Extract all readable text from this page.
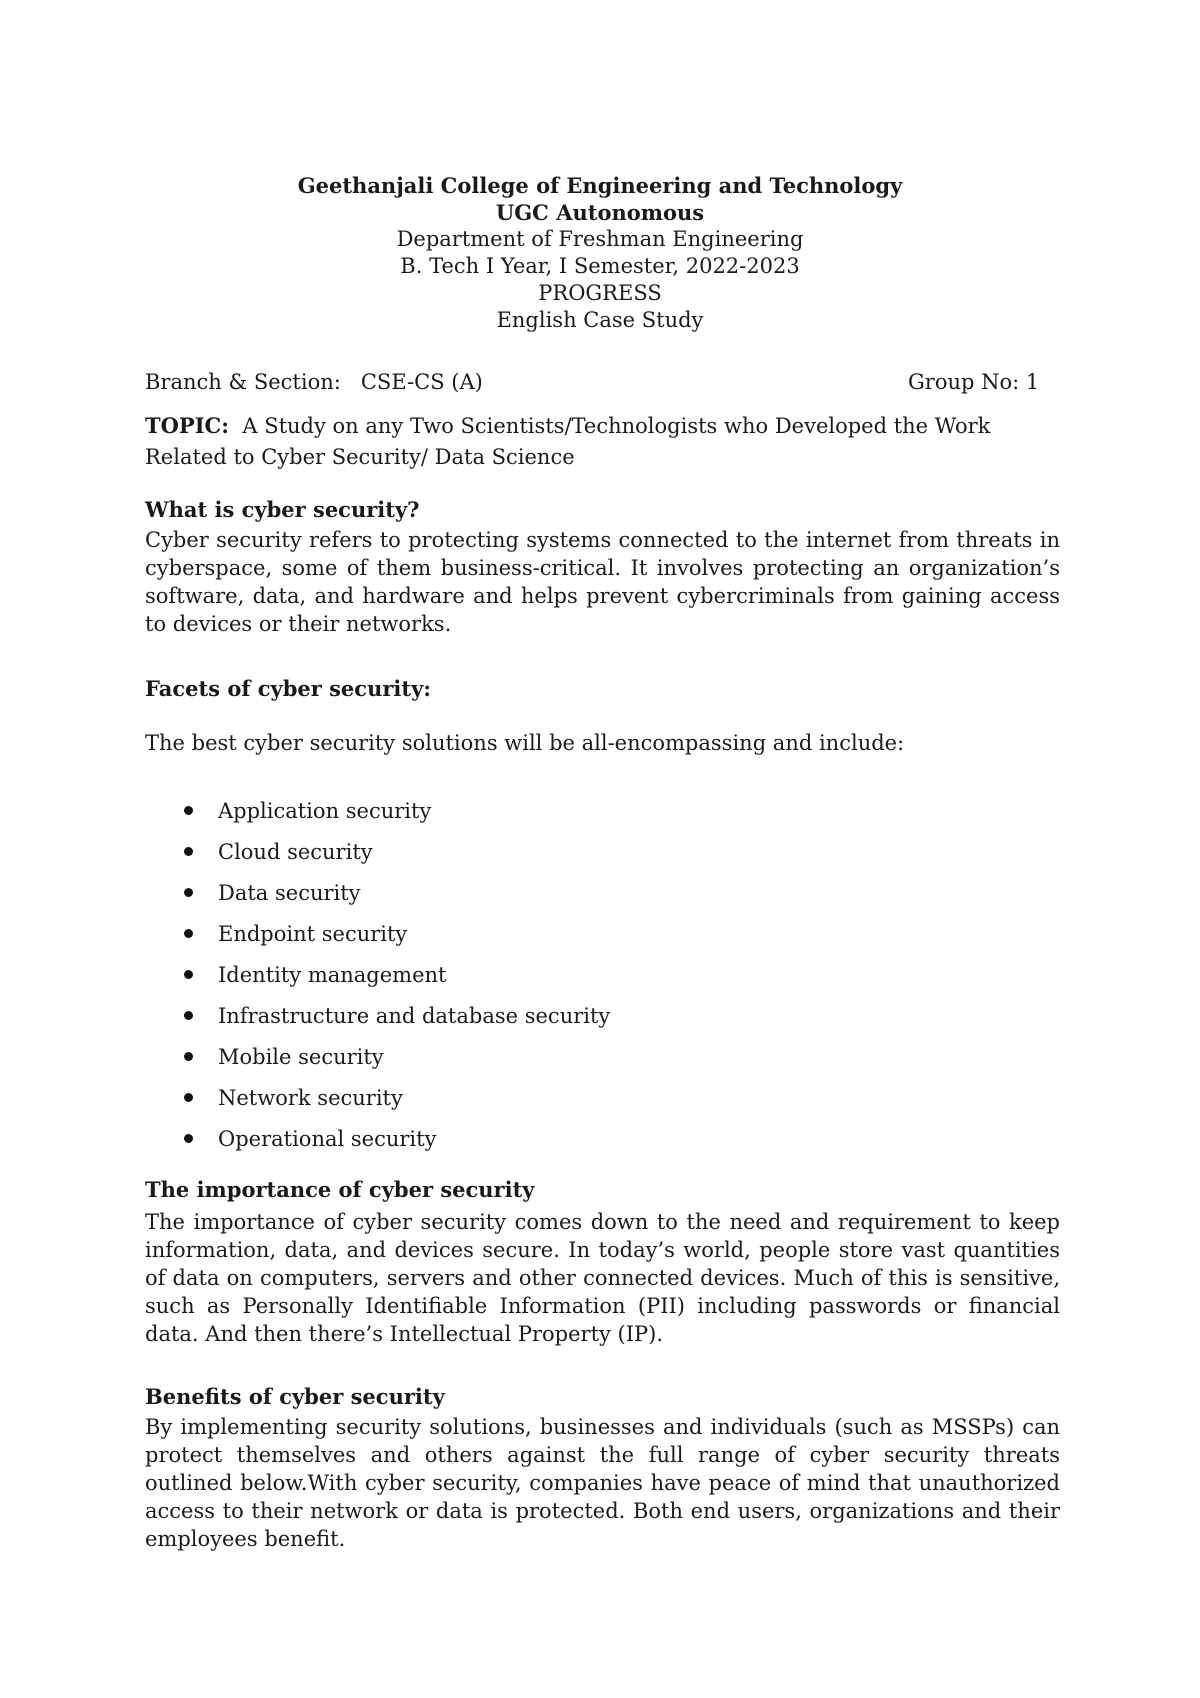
Geethanjali College of Engineering and Technology
UGC Autonomous
Department of Freshman Engineering
B. Tech I Year, I Semester, 2022-2023
PROGRESS
English Case Study
Branch & Section: CSE-CS (A)	Group No: 1
TOPIC: A Study on any Two Scientists/Technologists who Developed the Work Related to Cyber Security/ Data Science
What is cyber security?
Cyber security refers to protecting systems connected to the internet from threats in cyberspace, some of them business-critical. It involves protecting an organization’s software, data, and hardware and helps prevent cybercriminals from gaining access to devices or their networks.
Facets of cyber security:
The best cyber security solutions will be all-encompassing and include:
Application security
Cloud security
Data security
Endpoint security
Identity management
Infrastructure and database security
Mobile security
Network security
Operational security
The importance of cyber security
The importance of cyber security comes down to the need and requirement to keep information, data, and devices secure. In today’s world, people store vast quantities of data on computers, servers and other connected devices. Much of this is sensitive, such as Personally Identifiable Information (PII) including passwords or financial data. And then there’s Intellectual Property (IP).
Benefits of cyber security
By implementing security solutions, businesses and individuals (such as MSSPs) can protect themselves and others against the full range of cyber security threats outlined below.With cyber security, companies have peace of mind that unauthorized access to their network or data is protected. Both end users, organizations and their employees benefit.
